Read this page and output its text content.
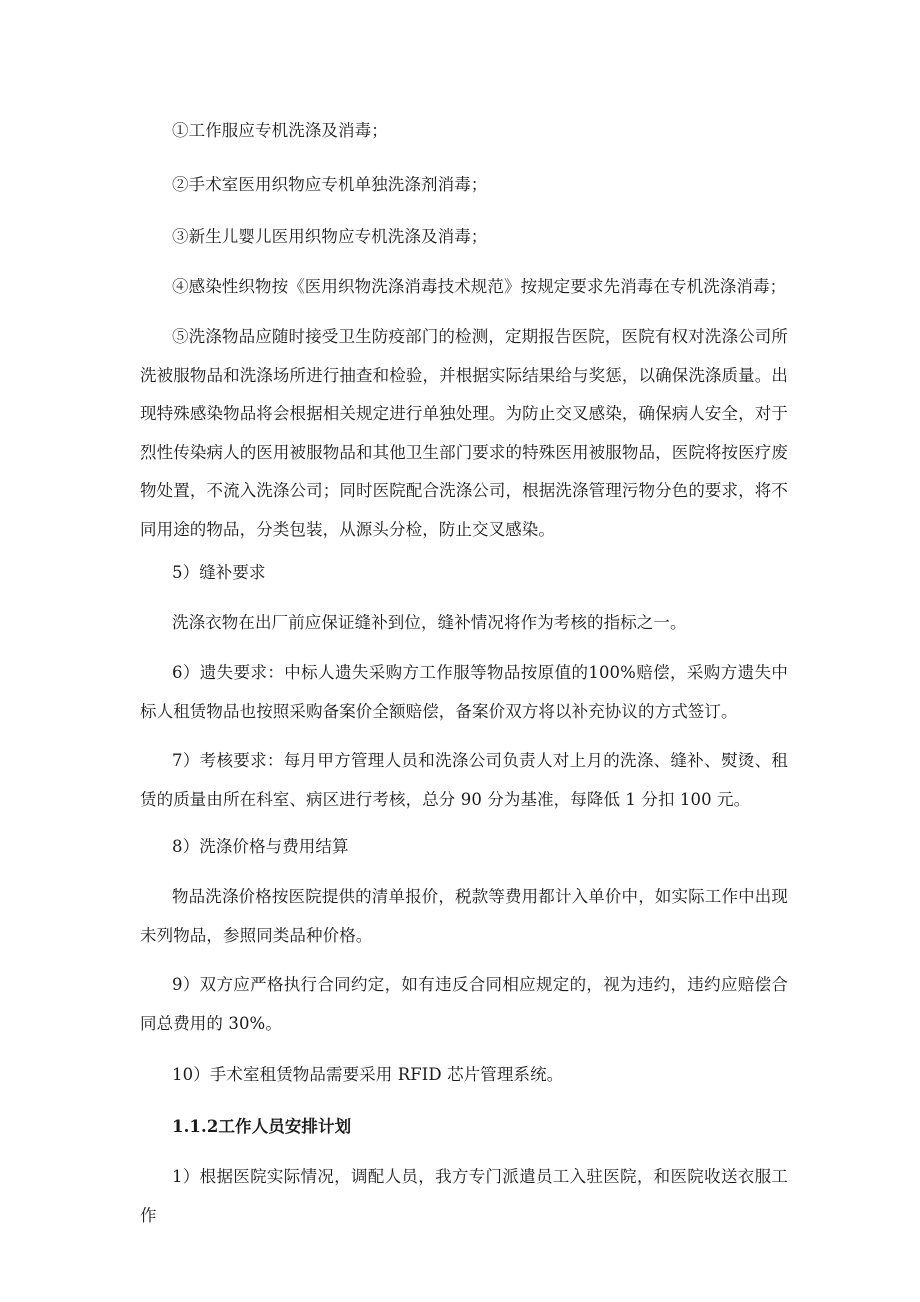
①工作服应专机洗涤及消毒；

②手术室医用织物应专机单独洗涤剂消毒；

③新生儿婴儿医用织物应专机洗涤及消毒；

④感染性织物按《医用织物洗涤消毒技术规范》按规定要求先消毒在专机洗涤消毒；

⑤洗涤物品应随时接受卫生防疫部门的检测，定期报告医院，医院有权对洗涤公司所洗被服物品和洗涤场所进行抽查和检验，并根据实际结果给与奖惩，以确保洗涤质量。出现特殊感染物品将会根据相关规定进行单独处理。为防止交叉感染，确保病人安全，对于烈性传染病人的医用被服物品和其他卫生部门要求的特殊医用被服物品，医院将按医疗废物处置，不流入洗涤公司；同时医院配合洗涤公司，根据洗涤管理污物分色的要求，将不同用途的物品，分类包装，从源头分检，防止交叉感染。

5）缝补要求

洗涤衣物在出厂前应保证缝补到位，缝补情况将作为考核的指标之一。

6）遗失要求：中标人遗失采购方工作服等物品按原值的100%赔偿，采购方遗失中标人租赁物品也按照采购备案价全额赔偿，备案价双方将以补充协议的方式签订。

7）考核要求：每月甲方管理人员和洗涤公司负责人对上月的洗涤、缝补、熨烫、租赁的质量由所在科室、病区进行考核，总分 90 分为基准，每降低 1 分扣 100 元。

8）洗涤价格与费用结算

物品洗涤价格按医院提供的清单报价，税款等费用都计入单价中，如实际工作中出现未列物品，参照同类品种价格。

9）双方应严格执行合同约定，如有违反合同相应规定的，视为违约，违约应赔偿合同总费用的 30%。

10）手术室租赁物品需要采用 RFID 芯片管理系统。

1.1.2工作人员安排计划

1）根据医院实际情况，调配人员，我方专门派遣员工入驻医院，和医院收送衣服工作
